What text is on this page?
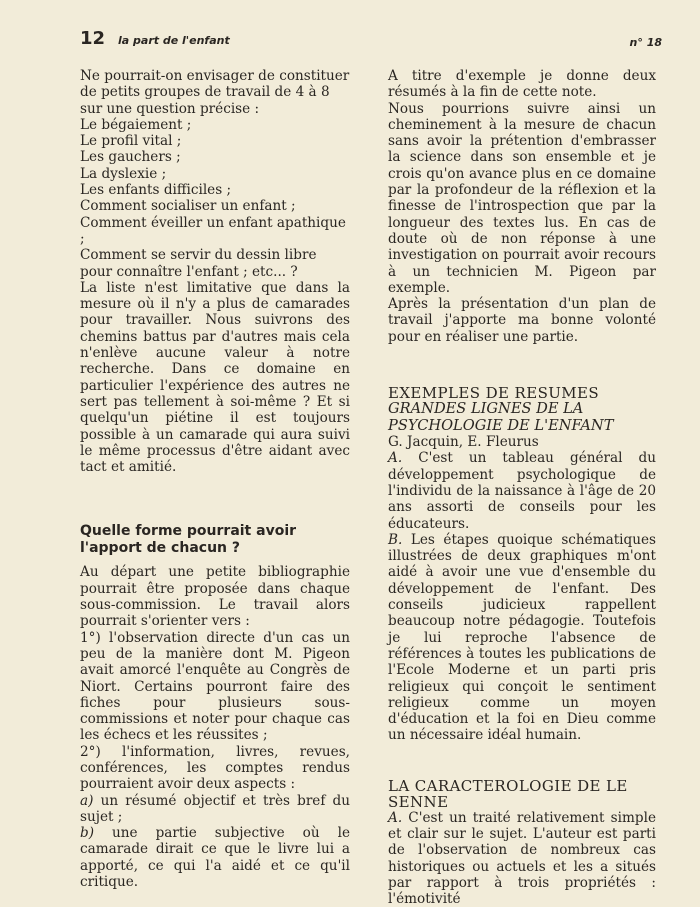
12 la part de l'enfant	n° 18

Ne pourrait-on envisager de constituer de petits groupes de travail de 4 à 8 sur une question précise :

Le bégaiement ;

Le profil vital ;

Les gauchers ;

La dyslexie ;

Les enfants difficiles ;

Comment socialiser un enfant ;

Comment éveiller un enfant apathique ;

Comment se servir du dessin libre pour connaître l'enfant ; etc... ?

La liste n'est limitative que dans la mesure où il n'y a plus de camarades pour travailler. Nous suivrons des chemins battus par d'autres mais cela n'enlève aucune valeur à notre recherche. Dans ce domaine en particulier l'expérience des autres ne sert pas tellement à soi-même ? Et si quelqu'un piétine il est toujours possible à un camarade qui aura suivi le même processus d'être aidant avec tact et amitié.

Quelle forme pourrait avoir l'apport de chacun ?

Au départ une petite bibliographie pourrait être proposée dans chaque sous-commission. Le travail alors pourrait s'orienter vers :

1°) l'observation directe d'un cas un peu de la manière dont M. Pigeon avait amorcé l'enquête au Congrès de Niort. Certains pourront faire des fiches pour plusieurs sous-commissions et noter pour chaque cas les échecs et les réussites ;

2°) l'information, livres, revues, conférences, les comptes rendus pourraient avoir deux aspects :

a) un résumé objectif et très bref du sujet ;

b) une partie subjective où le camarade dirait ce que le livre lui a apporté, ce qui l'a aidé et ce qu'il critique.

A titre d'exemple je donne deux résumés à la fin de cette note.

Nous pourrions suivre ainsi un cheminement à la mesure de chacun sans avoir la prétention d'embrasser la science dans son ensemble et je crois qu'on avance plus en ce domaine par la profondeur de la réflexion et la finesse de l'introspection que par la longueur des textes lus. En cas de doute où de non réponse à une investigation on pourrait avoir recours à un technicien M. Pigeon par exemple.

Après la présentation d'un plan de travail j'apporte ma bonne volonté pour en réaliser une partie.

EXEMPLES DE RESUMES
GRANDES LIGNES DE LA PSYCHOLOGIE DE L'ENFANT

G. Jacquin, E. Fleurus

A. C'est un tableau général du développement psychologique de l'individu de la naissance à l'âge de 20 ans assorti de conseils pour les éducateurs.

B. Les étapes quoique schématiques illustrées de deux graphiques m'ont aidé à avoir une vue d'ensemble du développement de l'enfant. Des conseils judicieux rappellent beaucoup notre pédagogie. Toutefois je lui reproche l'absence de références à toutes les publications de l'Ecole Moderne et un parti pris religieux qui conçoit le sentiment religieux comme un moyen d'éducation et la foi en Dieu comme un nécessaire idéal humain.

LA CARACTEROLOGIE DE LE SENNE

A. C'est un traité relativement simple et clair sur le sujet. L'auteur est parti de l'observation de nombreux cas historiques ou actuels et les a situés par rapport à trois propriétés : l'émotivité
